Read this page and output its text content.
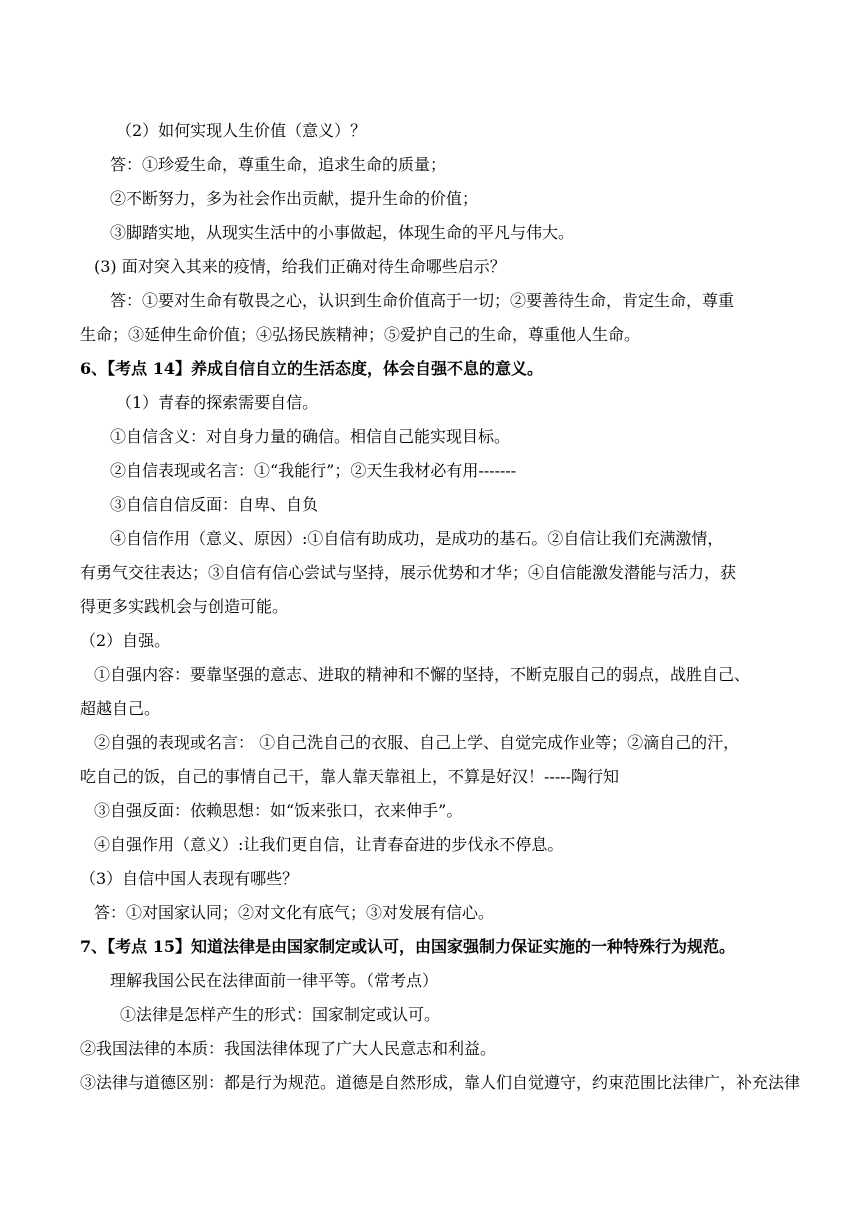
（2）如何实现人生价值（意义）？
答：①珍爱生命，尊重生命，追求生命的质量；
②不断努力，多为社会作出贡献，提升生命的价值；
③脚踏实地，从现实生活中的小事做起，体现生命的平凡与伟大。
(3) 面对突入其来的疫情，给我们正确对待生命哪些启示？
答：①要对生命有敬畏之心，认识到生命价值高于一切；②要善待生命，肯定生命，尊重
生命；③延伸生命价值；④弘扬民族精神；⑤爱护自己的生命，尊重他人生命。
6、【考点 14】养成自信自立的生活态度，体会自强不息的意义。
（1）青春的探索需要自信。
①自信含义：对自身力量的确信。相信自己能实现目标。
②自信表现或名言：①“我能行”；②天生我材必有用-------
③自信自信反面：自卑、自负
④自信作用（意义、原因）:①自信有助成功，是成功的基石。②自信让我们充满激情，
有勇气交往表达；③自信有信心尝试与坚持，展示优势和才华；④自信能激发潜能与活力，获
得更多实践机会与创造可能。
（2）自强。
①自强内容：要靠坚强的意志、进取的精神和不懈的坚持，不断克服自己的弱点，战胜自己、
超越自己。
②自强的表现或名言： ①自己洗自己的衣服、自己上学、自觉完成作业等；②滴自己的汗，
吃自己的饭，自己的事情自己干，靠人靠天靠祖上，不算是好汉！-----陶行知
③自强反面：依赖思想：如“饭来张口，衣来伸手”。
④自强作用（意义）:让我们更自信，让青春奋进的步伐永不停息。
（3）自信中国人表现有哪些？
答：①对国家认同；②对文化有底气；③对发展有信心。
7、【考点 15】知道法律是由国家制定或认可，由国家强制力保证实施的一种特殊行为规范。
理解我国公民在法律面前一律平等。（常考点）
①法律是怎样产生的形式：国家制定或认可。
②我国法律的本质：我国法律体现了广大人民意志和利益。
③法律与道德区别：都是行为规范。道德是自然形成，靠人们自觉遵守，约束范围比法律广，补充法律
